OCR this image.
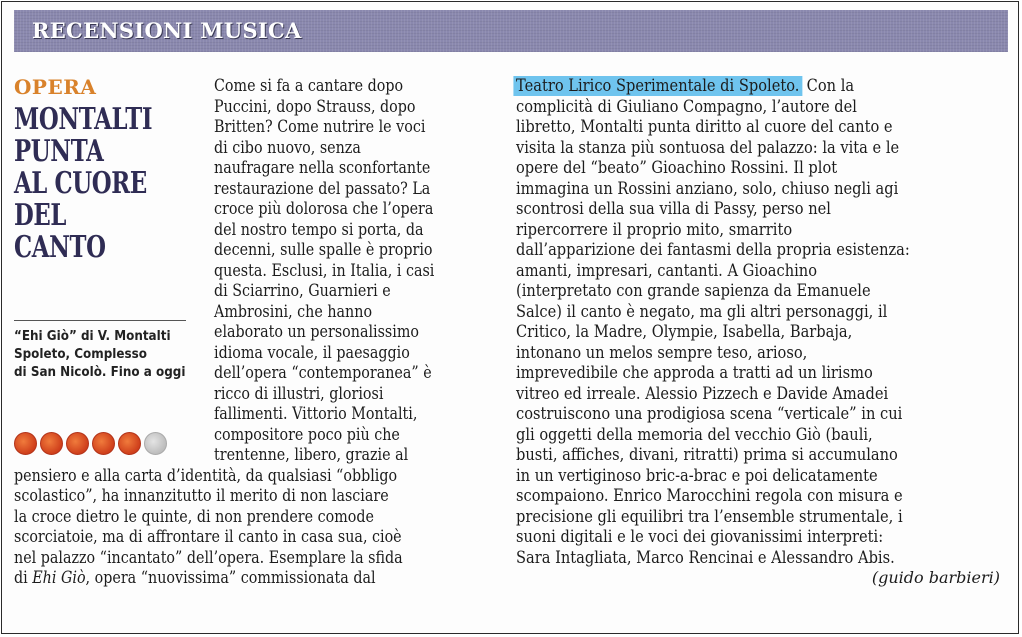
RECENSIONI MUSICA
OPERA
MONTALTI
PUNTA
AL CUORE
DEL CANTO
“Ehi Giò” di V. Montalti
Spoleto, Complesso
di San Nicolò. Fino a oggi
Come si fa a cantare dopo
Puccini, dopo Strauss, dopo
Britten? Come nutrire le voci
di cibo nuovo, senza
naufragare nella sconfortante
restaurazione del passato? La
croce più dolorosa che l’opera
del nostro tempo si porta, da
decenni, sulle spalle è proprio
questa. Esclusi, in Italia, i casi
di Sciarrino, Guarnieri e
Ambrosini, che hanno
elaborato un personalissimo
idioma vocale, il paesaggio
dell’opera “contemporanea” è
ricco di illustri, gloriosi
fallimenti. Vittorio Montalti,
compositore poco più che
trentenne, libero, grazie al
pensiero e alla carta d’identità, da qualsiasi “obbligo
scolastico”, ha innanzitutto il merito di non lasciare
la croce dietro le quinte, di non prendere comode
scorciatoie, ma di affrontare il canto in casa sua, cioè
nel palazzo “incantato” dell’opera. Esemplare la sfida
di Ehi Giò, opera “nuovissima” commissionata dal
Teatro Lirico Sperimentale di Spoleto. Con la
complicità di Giuliano Compagno, l’autore del
libretto, Montalti punta diritto al cuore del canto e
visita la stanza più sontuosa del palazzo: la vita e le
opere del “beato” Gioachino Rossini. Il plot
immagina un Rossini anziano, solo, chiuso negli agi
scontrosi della sua villa di Passy, perso nel
ripercorrere il proprio mito, smarrito
dall’apparizione dei fantasmi della propria esistenza:
amanti, impresari, cantanti. A Gioachino
(interpretato con grande sapienza da Emanuele
Salce) il canto è negato, ma gli altri personaggi, il
Critico, la Madre, Olympie, Isabella, Barbaja,
intonano un melos sempre teso, arioso,
imprevedibile che approda a tratti ad un lirismo
vitreo ed irreale. Alessio Pizzech e Davide Amadei
costruiscono una prodigiosa scena “verticale” in cui
gli oggetti della memoria del vecchio Giò (bauli,
busti, affiches, divani, ritratti) prima si accumulano
in un vertiginoso bric-a-brac e poi delicatamente
scompaiono. Enrico Marocchini regola con misura e
precisione gli equilibri tra l’ensemble strumentale, i
suoni digitali e le voci dei giovanissimi interpreti:
Sara Intagliata, Marco Rencinai e Alessandro Abis.
(guido barbieri)
